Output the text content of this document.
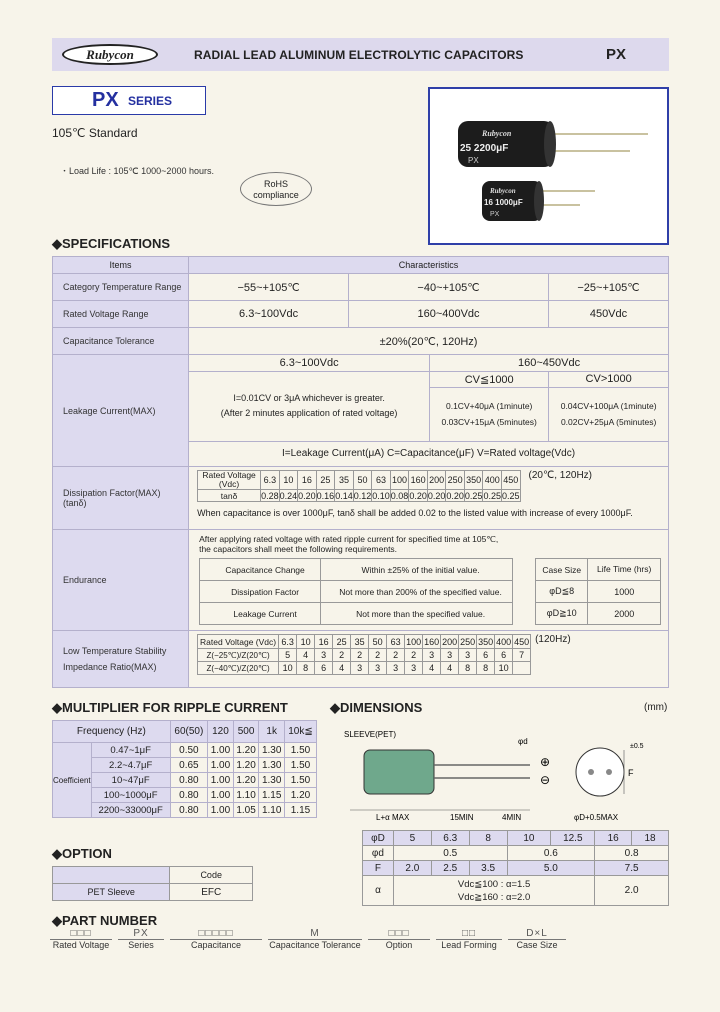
Rubycon	RADIAL LEAD ALUMINUM ELECTROLYTIC CAPACITORS	PX
PX SERIES
105℃ Standard
・Load Life : 105℃ 1000~2000 hours.
RoHS
compliance
Rubycon
25 2200μF
PX
Rubycon
16 1000μF
PX
◆SPECIFICATIONS
Items	Characteristics
Category Temperature Range	−55~+105℃	−40~+105℃	−25~+105℃
Rated Voltage Range	6.3~100Vdc	160~400Vdc	450Vdc
Capacitance Tolerance	±20%(20℃, 120Hz)
Leakage Current(MAX)	
6.3~100Vdc	160~450Vdc

I=0.01CV or 3μA whichever is greater.
(After 2 minutes application of rated voltage)
	CV≦1000	CV>1000

0.1CV+40μA (1minute)
0.03CV+15μA (5minutes)

0.04CV+100μA (1minute)
0.02CV+25μA (5minutes)

I=Leakage Current(μA) C=Capacitance(μF) V=Rated voltage(Vdc)

Dissipation Factor(MAX)
(tanδ)

Rated Voltage (Vdc)	6.3	10	16	25	35	50	63	100	160	200	250	350	400	450
tanδ	0.28	0.24	0.20	0.16	0.14	0.12	0.10	0.08	0.20	0.20	0.20	0.25	0.25	0.25
(20℃, 120Hz)
When capacitance is over 1000μF, tanδ shall be added 0.02 to the listed value with increase of every 1000μF.

Endurance	
After applying rated voltage with rated ripple current for specified time at 105℃,
the capacitors shall meet the following requirements.
Capacitance Change	Within ±25% of the initial value.
Dissipation Factor	Not more than 200% of the specified value.
Leakage Current	Not more than the specified value.
Case Size	Life Time (hrs)
φD≦8	1000
φD≧10	2000

Low Temperature Stability
Impedance Ratio(MAX)

Rated Voltage (Vdc)	6.3	10	16	25	35	50	63	100	160	200	250	350	400	450
Z(−25℃)/Z(20℃)	5	4	3	2	2	2	2	2	3	3	3	6	6	7
Z(−40℃)/Z(20℃)	10	8	6	4	3	3	3	3	4	4	8	8	10	
(120Hz)
◆MULTIPLIER FOR RIPPLE CURRENT
Frequency (Hz)		60(50)	120	500	1k	10k≦
Coefficient	0.47~1μF	0.50	1.00	1.20	1.30	1.50
	2.2~4.7μF	0.65	1.00	1.20	1.30	1.50
	10~47μF	0.80	1.00	1.20	1.30	1.50
	100~1000μF	0.80	1.00	1.10	1.15	1.20
	2200~33000μF	0.80	1.00	1.05	1.10	1.15
◆DIMENSIONS	(mm)
SLEEVE(PET)
φd
L+α MAX	15MIN	4MIN	φD+0.5MAX
⊕
⊖	F
±0.5
φD	5	6.3	8	10	12.5	16	18
φd	0.5			0.6		0.8	
F	2.0	2.5	3.5	5.0		7.5	
α	Vdc≦100 : α=1.5
Vdc≧160 : α=2.0					2.0	
◆OPTION
	Code
PET Sleeve	EFC
◆PART NUMBER
□□□
Rated Voltage
PX
Series
□□□□□
Capacitance
M
Capacitance Tolerance
□□□
Option
□□
Lead Forming
D×L
Case Size
